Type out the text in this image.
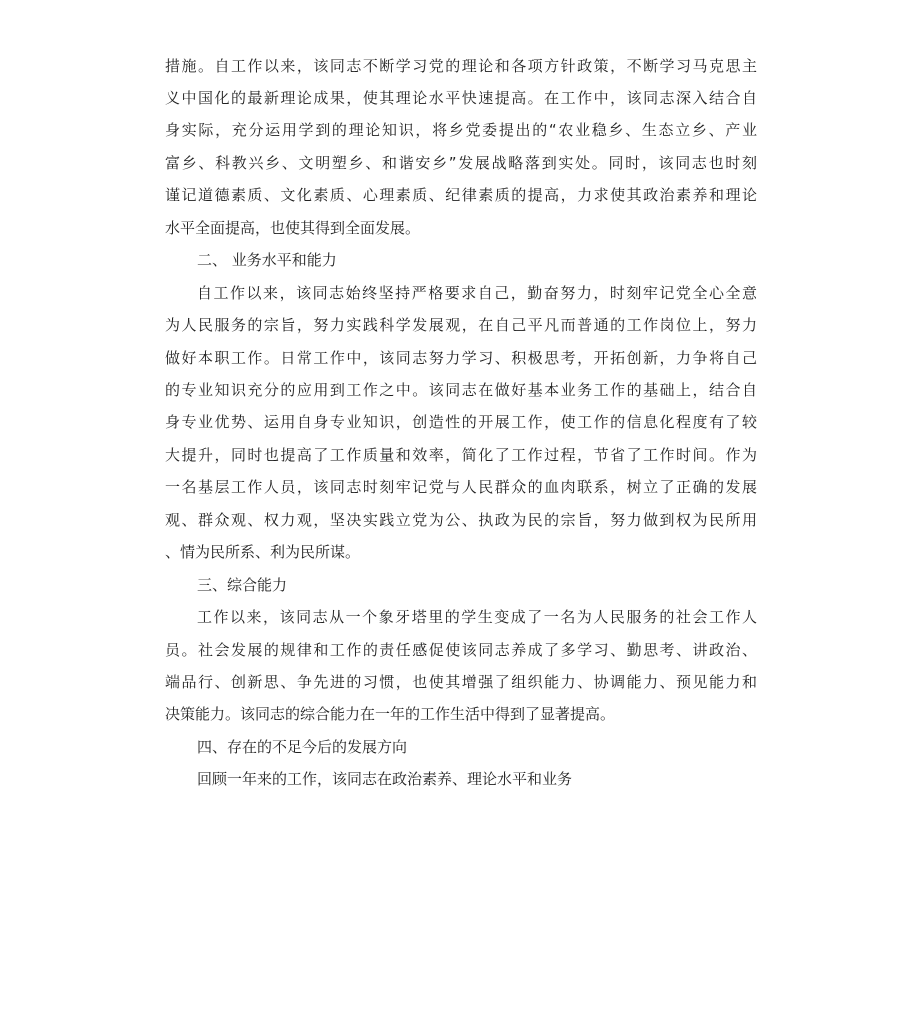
措施。自工作以来，该同志不断学习党的理论和各项方针政策，不断学习马克思主
义中国化的最新理论成果，使其理论水平快速提高。在工作中，该同志深入结合自
身实际，充分运用学到的理论知识，将乡党委提出的“农业稳乡、生态立乡、产业
富乡、科教兴乡、文明塑乡、和谐安乡”发展战略落到实处。同时，该同志也时刻
谨记道德素质、文化素质、心理素质、纪律素质的提高，力求使其政治素养和理论
水平全面提高，也使其得到全面发展。
二、 业务水平和能力
自工作以来，该同志始终坚持严格要求自己，勤奋努力，时刻牢记党全心全意
为人民服务的宗旨，努力实践科学发展观，在自己平凡而普通的工作岗位上，努力
做好本职工作。日常工作中，该同志努力学习、积极思考，开拓创新，力争将自己
的专业知识充分的应用到工作之中。该同志在做好基本业务工作的基础上，结合自
身专业优势、运用自身专业知识，创造性的开展工作，使工作的信息化程度有了较
大提升，同时也提高了工作质量和效率，简化了工作过程，节省了工作时间。作为
一名基层工作人员，该同志时刻牢记党与人民群众的血肉联系，树立了正确的发展
观、群众观、权力观，坚决实践立党为公、执政为民的宗旨，努力做到权为民所用
、情为民所系、利为民所谋。
三、综合能力
工作以来，该同志从一个象牙塔里的学生变成了一名为人民服务的社会工作人
员。社会发展的规律和工作的责任感促使该同志养成了多学习、勤思考、讲政治、
端品行、创新思、争先进的习惯，也使其增强了组织能力、协调能力、预见能力和
决策能力。该同志的综合能力在一年的工作生活中得到了显著提高。
四、存在的不足今后的发展方向
回顾一年来的工作，该同志在政治素养、理论水平和业务
